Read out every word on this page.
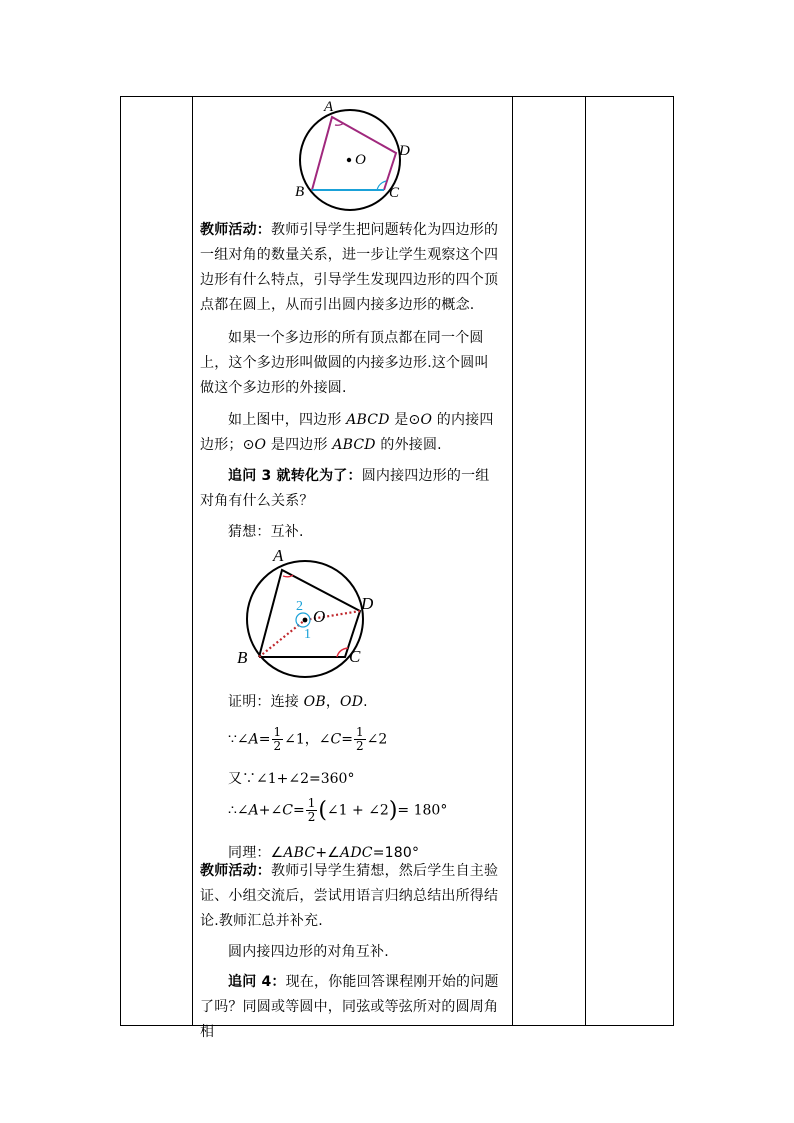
A
B	C
D
O
教师活动：教师引导学生把问题转化为四边形的一组对角的数量关系，进一步让学生观察这个四边形有什么特点，引导学生发现四边形的四个顶点都在圆上，从而引出圆内接多边形的概念.
如果一个多边形的所有顶点都在同一个圆上，这个多边形叫做圆的内接多边形.这个圆叫做这个多边形的外接圆.
如上图中，四边形 ABCD 是⊙O 的内接四边形；⊙O 是四边形 ABCD 的外接圆.
追问 3 就转化为了：圆内接四边形的一组对角有什么关系？
猜想：互补.
A
B	C
D
O
2
1
证明：连接 OB，OD.
∵∠A= $\frac{1}{2}$ ∠1，∠C= $\frac{1}{2}$ ∠2
又∵∠1+∠2=360°
∴∠A+∠C= $\frac{1}{2}$ (∠1 + ∠2)= 180°
同理：∠ABC+∠ADC=180°
教师活动：教师引导学生猜想，然后学生自主验证、小组交流后，尝试用语言归纳总结出所得结论.教师汇总并补充.
圆内接四边形的对角互补.
追问 4：现在，你能回答课程刚开始的问题了吗？同圆或等圆中，同弦或等弦所对的圆周角相
